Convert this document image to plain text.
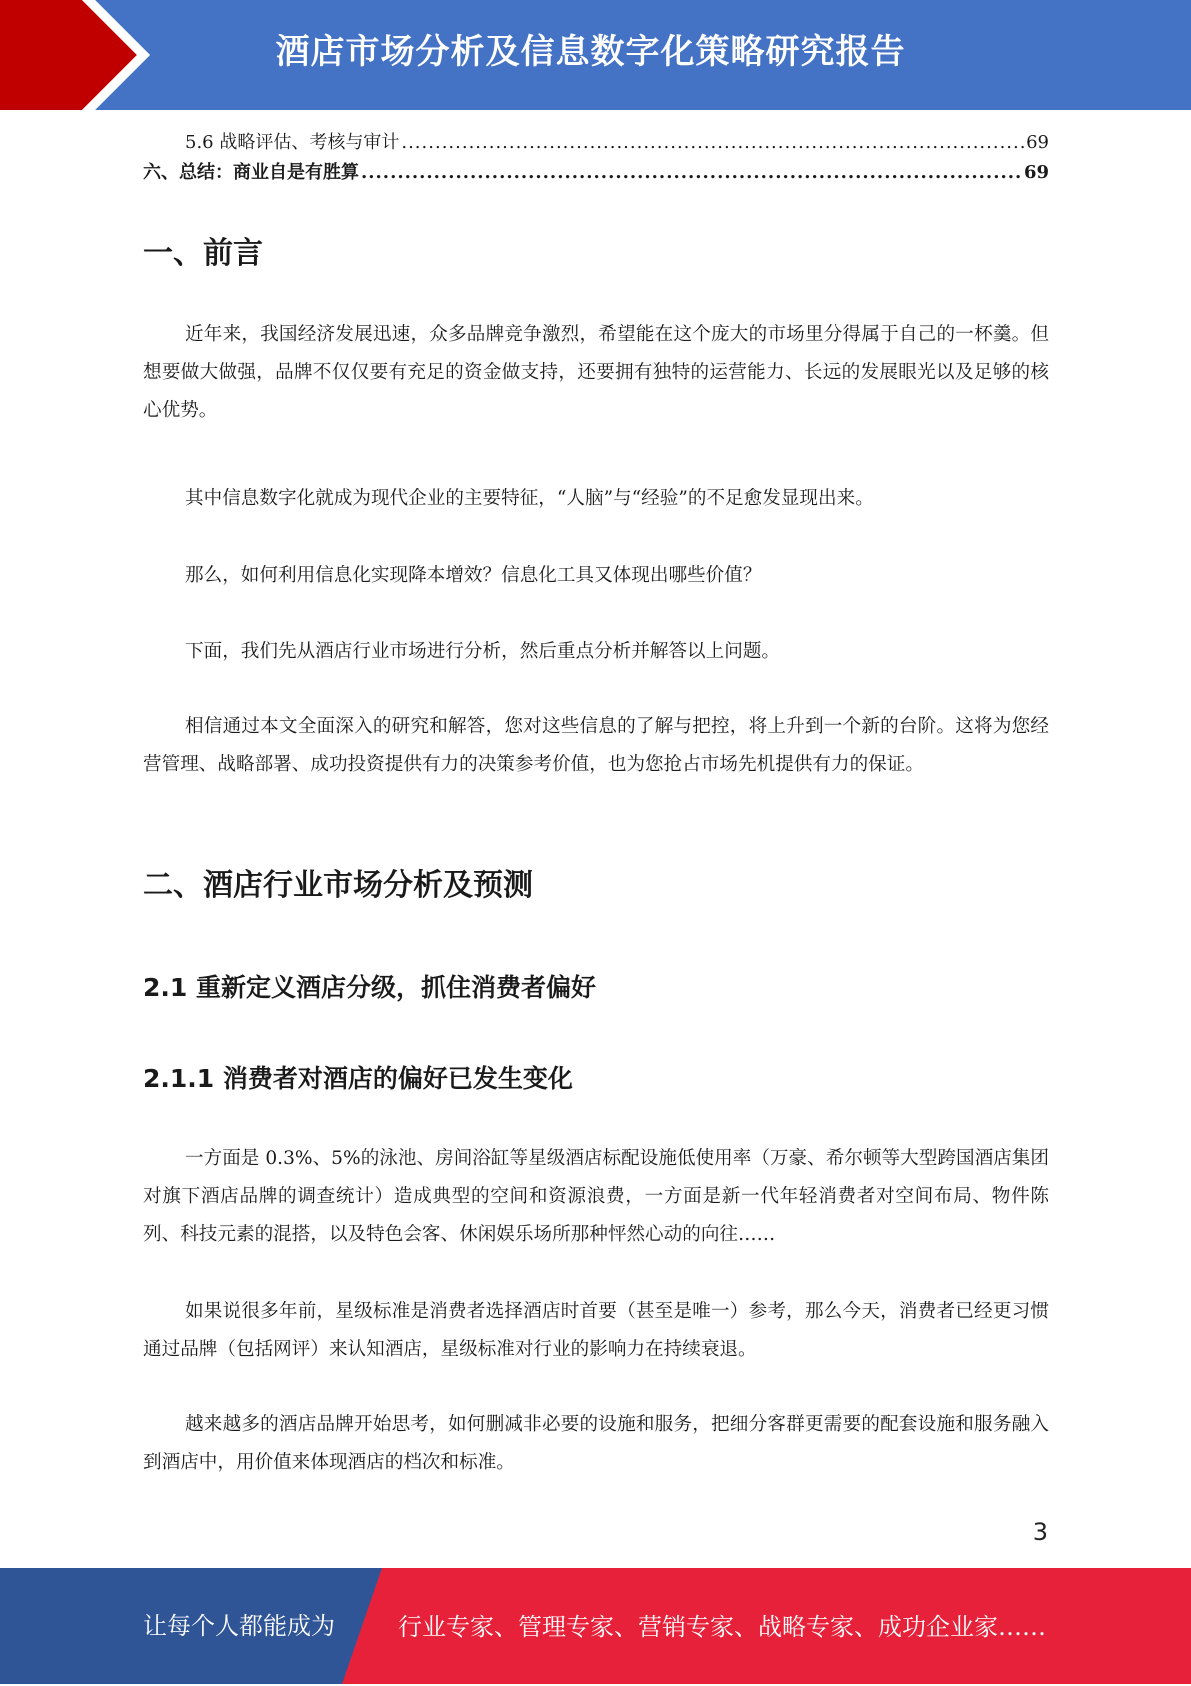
酒店市场分析及信息数字化策略研究报告
5.6 战略评估、考核与审计 .....	69
六、总结：商业自是有胜算 .....	69
一、前言

近年来，我国经济发展迅速，众多品牌竞争激烈，希望能在这个庞大的市场里分得属于自己的一杯羹。但想要做大做强，品牌不仅仅要有充足的资金做支持，还要拥有独特的运营能力、长远的发展眼光以及足够的核心优势。

其中信息数字化就成为现代企业的主要特征，“人脑”与“经验”的不足愈发显现出来。

那么，如何利用信息化实现降本增效？信息化工具又体现出哪些价值？

下面，我们先从酒店行业市场进行分析，然后重点分析并解答以上问题。

相信通过本文全面深入的研究和解答，您对这些信息的了解与把控，将上升到一个新的台阶。这将为您经营管理、战略部署、成功投资提供有力的决策参考价值，也为您抢占市场先机提供有力的保证。

二、酒店行业市场分析及预测
2.1 重新定义酒店分级，抓住消费者偏好
2.1.1 消费者对酒店的偏好已发生变化

一方面是 0.3%、5%的泳池、房间浴缸等星级酒店标配设施低使用率（万豪、希尔顿等大型跨国酒店集团对旗下酒店品牌的调查统计）造成典型的空间和资源浪费，一方面是新一代年轻消费者对空间布局、物件陈列、科技元素的混搭，以及特色会客、休闲娱乐场所那种怦然心动的向往……

如果说很多年前，星级标准是消费者选择酒店时首要（甚至是唯一）参考，那么今天，消费者已经更习惯通过品牌（包括网评）来认知酒店，星级标准对行业的影响力在持续衰退。

越来越多的酒店品牌开始思考，如何删减非必要的设施和服务，把细分客群更需要的配套设施和服务融入到酒店中，用价值来体现酒店的档次和标准。

3
让每个人都能成为	行业专家、管理专家、营销专家、战略专家、成功企业家……
